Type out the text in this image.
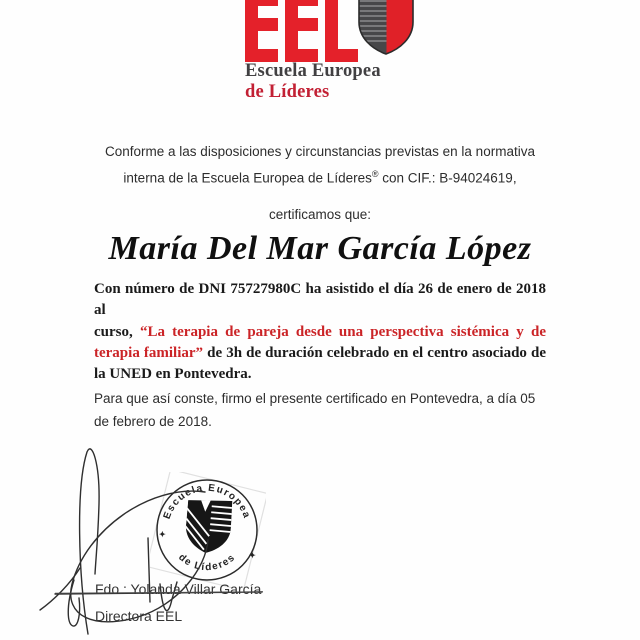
Escuela Europea
de Líderes
Conforme a las disposiciones y circunstancias previstas en la normativa
interna de la Escuela Europea de Líderes® con CIF.: B-94024619,
certificamos que:
María Del Mar García López
Con número de DNI 75727980C ha asistido el día 26 de enero de 2018 al
curso, “La terapia de pareja desde una perspectiva sistémica y de
terapia familiar” de 3h de duración celebrado en el centro asociado de
la UNED en Pontevedra.
Para que así conste, firmo el presente certificado en Pontevedra, a día 05
de febrero de 2018.
Escuela Europea
de Líderes
✦
✦
Fdo.: Yolanda Villar García
Directora EEL
